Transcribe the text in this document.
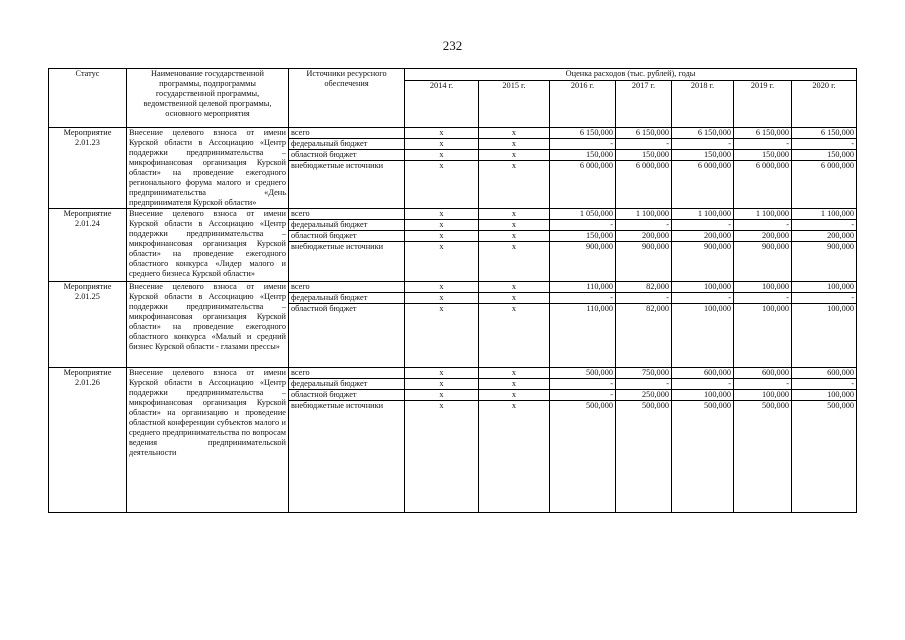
232
Статус	Наименование государственной программы, подпрограммы государственной программы, ведомственной целевой программы, основного мероприятия	Источники ресурсного обеспечения	Оценка расходов (тыс. рублей), годы						
			2014 г.	2015 г.	2016 г.	2017 г.	2018 г.	2019 г.	2020 г.
Мероприятие 2.01.23	Внесение целевого взноса от имени Курской области в Ассоциацию «Центр поддержки предпринимательства – микрофинансовая организация Курской области» на проведение ежегодного регионального форума малого и среднего предпринимательства «День предпринимателя Курской области»	всего	х	х	6 150,000	6 150,000	6 150,000	6 150,000	6 150,000
		федеральный бюджет	х	х	-	-	-	-	-
		областной бюджет	х	х	150,000	150,000	150,000	150,000	150,000
		внебюджетные источники	х	х	6 000,000	6 000,000	6 000,000	6 000,000	6 000,000

Мероприятие 2.01.24	Внесение целевого взноса от имени Курской области в Ассоциацию «Центр поддержки предпринимательства – микрофинансовая организация Курской области» на проведение ежегодного областного конкурса «Лидер малого и среднего бизнеса Курской области»	всего	х	х	1 050,000	1 100,000	1 100,000	1 100,000	1 100,000
		федеральный бюджет	х	х	-	-	-	-	-
		областной бюджет	х	х	150,000	200,000	200,000	200,000	200,000
		внебюджетные источники	х	х	900,000	900,000	900,000	900,000	900,000

Мероприятие 2.01.25	Внесение целевого взноса от имени Курской области в Ассоциацию «Центр поддержки предпринимательства – микрофинансовая организация Курской области» на проведение ежегодного областного конкурса «Малый и средний бизнес Курской области - глазами прессы»	всего	х	х	110,000	82,000	100,000	100,000	100,000
		федеральный бюджет	х	х	-	-	-	-	-
		областной бюджет	х	х	110,000	82,000	100,000	100,000	100,000

Мероприятие 2.01.26	Внесение целевого взноса от имени Курской области в Ассоциацию «Центр поддержки предпринимательства – микрофинансовая организация Курской области» на организацию и проведение областной конференции субъектов малого и среднего предпринимательства по вопросам ведения предпринимательской деятельности	всего	х	х	500,000	750,000	600,000	600,000	600,000
		федеральный бюджет	х	х	-	-	-	-	-
		областной бюджет	х	х	-	250,000	100,000	100,000	100,000
		внебюджетные источники	х	х	500,000	500,000	500,000	500,000	500,000
